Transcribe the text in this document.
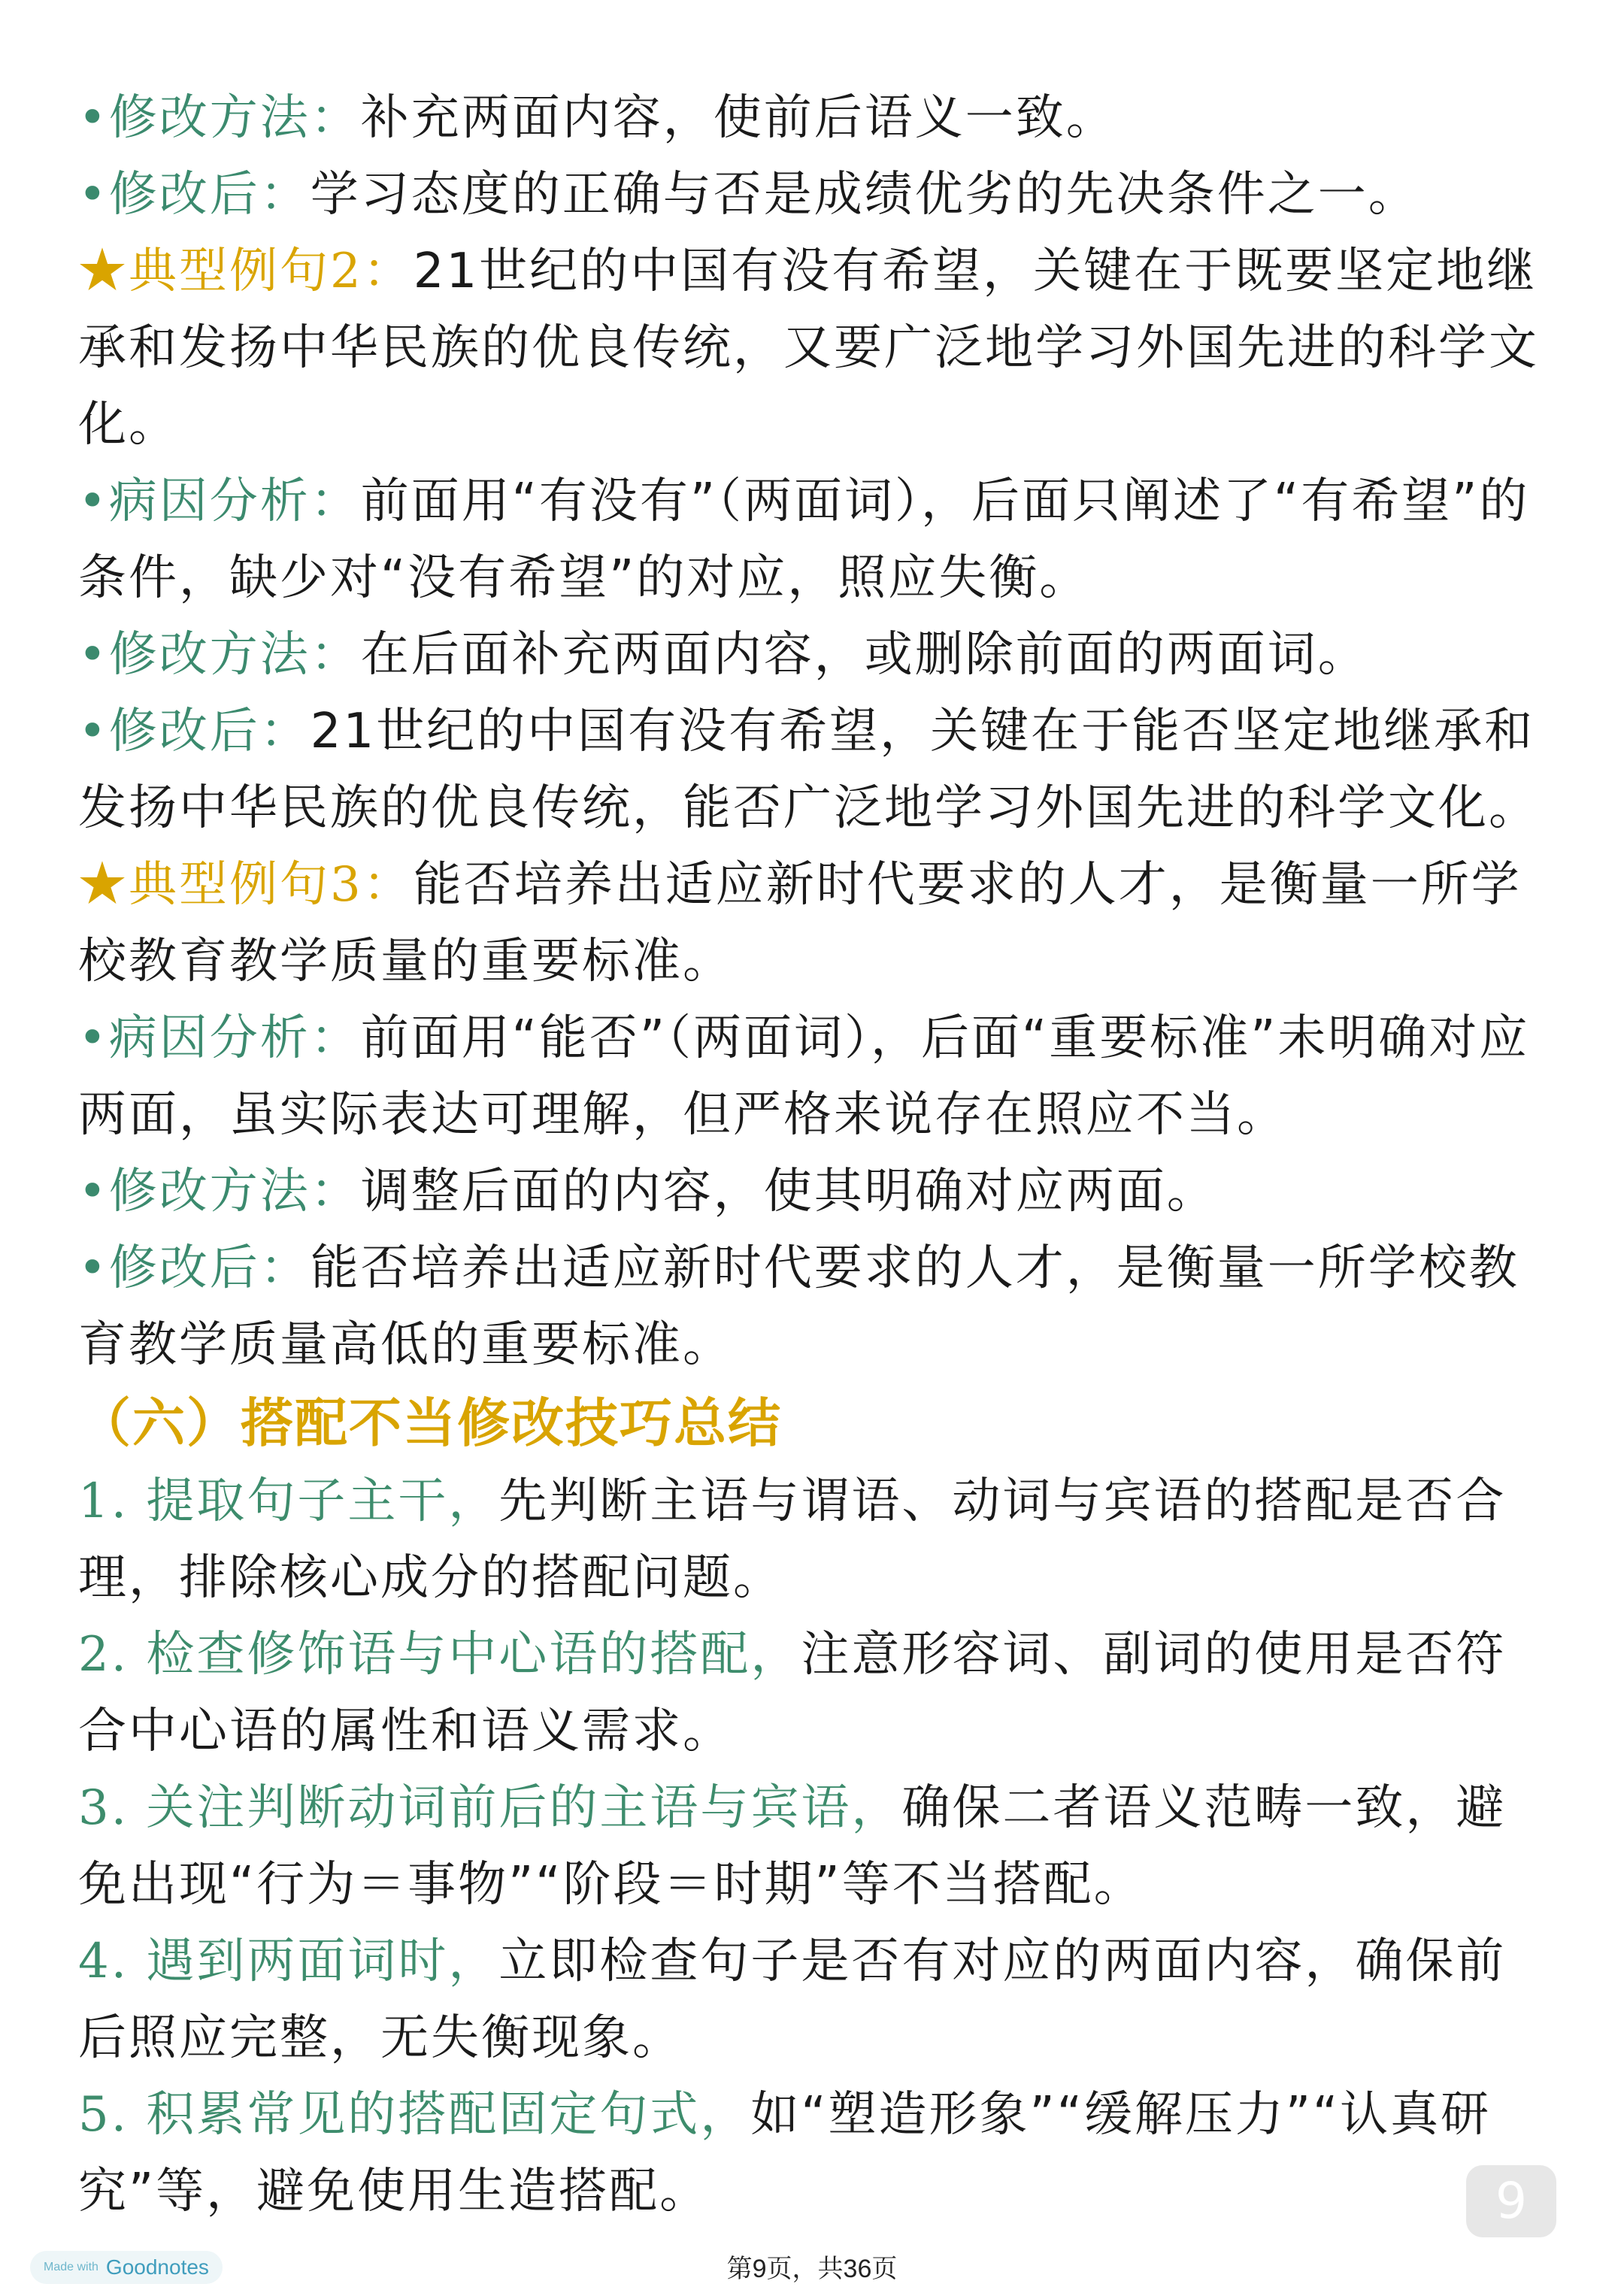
•修改方法：补充两面内容，使前后语义一致。

•修改后：学习态度的正确与否是成绩优劣的先决条件之一。

★典型例句2：21世纪的中国有没有希望，关键在于既要坚定地继承和发扬中华民族的优良传统，又要广泛地学习外国先进的科学文化。

•病因分析：前面用“有没有”（两面词），后面只阐述了“有希望”的条件，缺少对“没有希望”的对应，照应失衡。

•修改方法：在后面补充两面内容，或删除前面的两面词。

•修改后：21世纪的中国有没有希望，关键在于能否坚定地继承和发扬中华民族的优良传统，能否广泛地学习外国先进的科学文化。

★典型例句3：能否培养出适应新时代要求的人才，是衡量一所学校教育教学质量的重要标准。

•病因分析：前面用“能否”（两面词），后面“重要标准”未明确对应两面，虽实际表达可理解，但严格来说存在照应不当。

•修改方法：调整后面的内容，使其明确对应两面。

•修改后：能否培养出适应新时代要求的人才，是衡量一所学校教育教学质量高低的重要标准。

（六）搭配不当修改技巧总结

1. 提取句子主干，先判断主语与谓语、动词与宾语的搭配是否合理，排除核心成分的搭配问题。

2. 检查修饰语与中心语的搭配，注意形容词、副词的使用是否符合中心语的属性和语义需求。

3. 关注判断动词前后的主语与宾语，确保二者语义范畴一致，避免出现“行为＝事物”“阶段＝时期”等不当搭配。

4. 遇到两面词时，立即检查句子是否有对应的两面内容，确保前后照应完整，无失衡现象。

5. 积累常见的搭配固定句式，如“塑造形象”“缓解压力”“认真研究”等，避免使用生造搭配。	9
Made with Goodnotes	第9页，共36页
